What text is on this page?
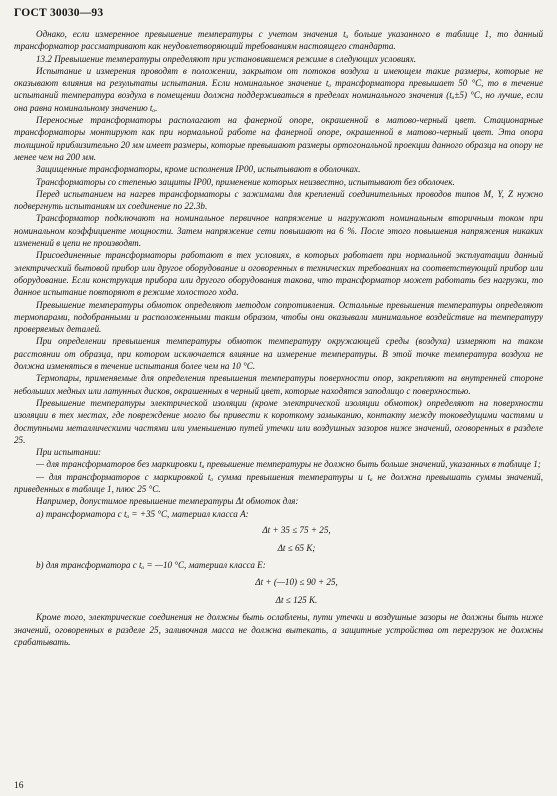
ГОСТ 30030—93

Однако, если измеренное превышение температуры с учетом значения tₐ больше указанного в таблице 1, то данный трансформатор рассматривают как неудовлетворяющий требованиям настоящего стандарта.

13.2 Превышение температуры определяют при установившемся режиме в следующих условиях.

Испытание и измерения проводят в положении, закрытом от потоков воздуха и имеющем такие размеры, которые не оказывают влияния на результаты испытания. Если номинальное значение tₐ трансформатора превышает 50 °С, то в течение испытаний температура воздуха в помещении должна поддерживаться в пределах номинального значения (tₐ±5) °С, но лучше, если она равна номинальному значению tₐ.

Переносные трансформаторы располагают на фанерной опоре, окрашенной в матово-черный цвет. Стационарные трансформаторы монтируют как при нормальной работе на фанерной опоре, окрашенной в матово-черный цвет. Эта опора толщиной приблизительно 20 мм имеет размеры, которые превышают размеры ортогональной проекции данного образца на опору не менее чем на 200 мм.

Защищенные трансформаторы, кроме исполнения IP00, испытывают в оболочках.

Трансформаторы со степенью защиты IP00, применение которых неизвестно, испытывают без оболочек.

Перед испытанием на нагрев трансформаторы с зажимами для креплений соединительных проводов типов M, Y, Z нужно подвергнуть испытаниям их соединение по 22.3b.

Трансформатор подключают на номинальное первичное напряжение и нагружают номинальным вторичным током при номинальном коэффициенте мощности. Затем напряжение сети повышают на 6 %. После этого повышения напряжения никаких изменений в цепи не производят.

Присоединенные трансформаторы работают в тех условиях, в которых работает при нормальной эксплуатации данный электрический бытовой прибор или другое оборудование и оговоренных в технических требованиях на соответствующий прибор или оборудование. Если конструкция прибора или другого оборудования такова, что трансформатор может работать без нагрузки, то данное испытание повторяют в режиме холостого хода.

Превышение температуры обмоток определяют методом сопротивления. Остальные превышения температуры определяют термопарами, подобранными и расположенными таким образом, чтобы они оказывали минимальное воздействие на температуру проверяемых деталей.

При определении превышения температуры обмоток температуру окружающей среды (воздуха) измеряют на таком расстоянии от образца, при котором исключается влияние на измерение температуры. В этой точке температура воздуха не должна изменяться в течение испытания более чем на 10 °С.

Термопары, применяемые для определения превышения температуры поверхности опор, закрепляют на внутренней стороне небольших медных или латунных дисков, окрашенных в черный цвет, которые находятся заподлицо с поверхностью.

Превышение температуры электрической изоляции (кроме электрической изоляции обмоток) определяют на поверхности изоляции в тех местах, где повреждение могло бы привести к короткому замыканию, контакту между токоведущими частями и доступными металлическими частями или уменьшению путей утечки или воздушных зазоров ниже значений, оговоренных в разделе 25.

При испытании:

— для трансформаторов без маркировки tₐ превышение температуры не должно быть больше значений, указанных в таблице 1;

— для трансформаторов с маркировкой tₐ сумма превышения температуры и tₐ не должна превышать суммы значений, приведенных в таблице 1, плюс 25 °С.

Например, допустимое превышение температуры Δt обмоток для:

а) трансформатора с tₐ = +35 °С, материал класса А:

Δt + 35 ≤ 75 + 25,

Δt ≤ 65 K;

b) для трансформатора с tₐ = —10 °С, материал класса Е:

Δt + (—10) ≤ 90 + 25,

Δt ≤ 125 K.

Кроме того, электрические соединения не должны быть ослаблены, пути утечки и воздушные зазоры не должны быть ниже значений, оговоренных в разделе 25, заливочная масса не должна вытекать, а защитные устройства от перегрузок не должны срабатывать.

16
